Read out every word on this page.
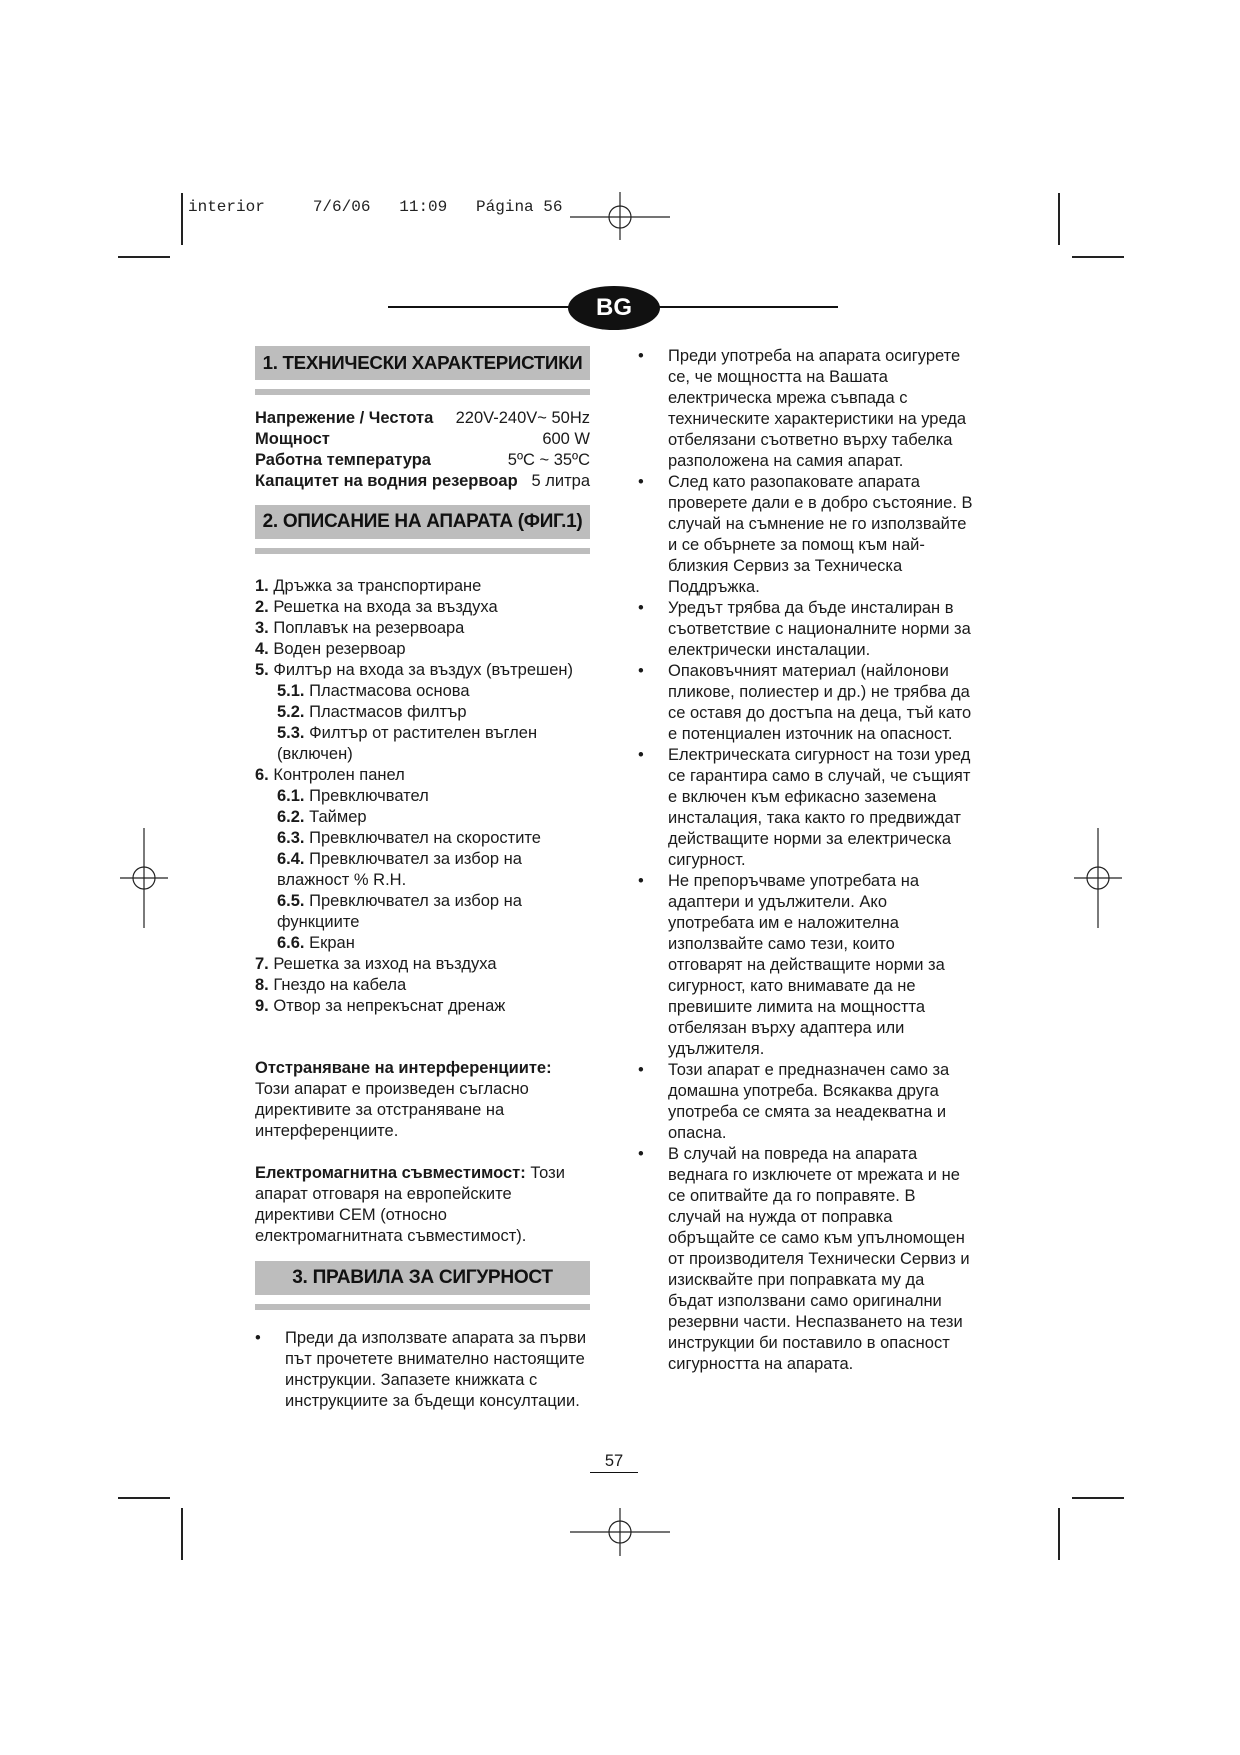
interior     7/6/06   11:09   Página 56
BG
1. ТЕХНИЧЕСКИ ХАРАКТЕРИСТИКИ
Напрежение / Честота 220V-240V~ 50Hz
Мощност	600 W
Работна температура	5ºC ~ 35ºC
Капацитет на водния резервоар 5 литра
2. ОПИСАНИЕ НА АПАРАТА (ФИГ.1)
1. Дръжка за транспортиране
2. Решетка на входа за въздуха
3. Поплавък на резервоара
4. Воден резервоар
5. Филтър на входа за въздух (вътрешен)
5.1. Пластмасова основа
5.2. Пластмасов филтър
5.3. Филтър от растителен въглен (включен)
6. Контролен панел
6.1. Превключвател
6.2. Таймер
6.3. Превключвател на скоростите
6.4. Превключвател за избор на влажност % R.H.
6.5. Превключвател за избор на функциите
6.6. Екран
7. Решетка за изход на въздуха
8. Гнездо на кабела
9. Отвор за непрекъснат дренаж
Отстраняване на интерференциите:
Този апарат е произведен съгласно директивите за отстраняване на интерференциите.
Електромагнитна съвместимост: Този апарат отговаря на европейските директиви CEM (относно електромагнитната съвместимост).
3. ПРАВИЛА ЗА СИГУРНОСТ
• Преди да използвате апарата за първи път прочетете внимателно настоящите инструкции. Запазете книжката с инструкциите за бъдещи консултации.
• Преди употреба на апарата осигурете се, че мощността на Вашата електрическа мрежа съвпада с техническите характеристики на уреда отбелязани съответно върху табелка разположена на самия апарат.
• След като разопаковате апарата проверете дали е в добро състояние. В случай на съмнение не го използвайте и се обърнете за помощ към най-близкия Сервиз за Техническа Поддръжка.
• Уредът трябва да бъде инсталиран в съответствие с националните норми за електрически инсталации.
• Опаковъчният материал (найлонови пликове, полиестер и др.) не трябва да се оставя до достъпа на деца, тъй като е потенциален източник на опасност.
• Електрическата сигурност на този уред се гарантира само в случай, че същият е включен към ефикасно заземена инсталация, така както го предвиждат действащите норми за електрическа сигурност.
• Не препоръчваме употребата на адаптери и удължители. Ако употребата им е наложителна използвайте само тези, които отговарят на действащите норми за сигурност, като внимавате да не превишите лимита на мощността отбелязан върху адаптера или удължителя.
• Този апарат е предназначен само за домашна употреба. Всякаква друга употреба се смята за неадекватна и опасна.
• В случай на повреда на апарата веднага го изключете от мрежата и не се опитвайте да го поправяте. В случай на нужда от поправка обръщайте се само към упълномощен от производителя Технически Сервиз и изисквайте при поправката му да бъдат използвани само оригинални резервни части. Неспазването на тези инструкции би поставило в опасност сигурността на апарата.
57
